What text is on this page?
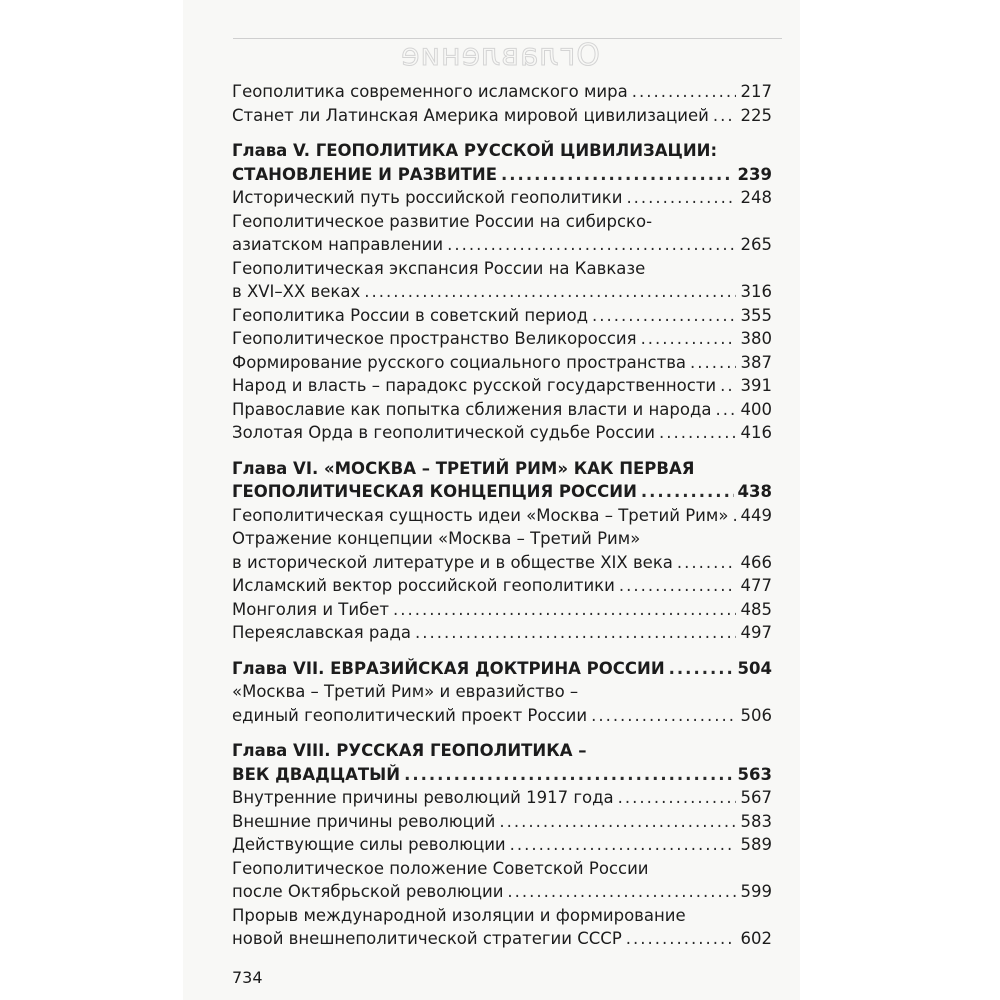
Оглавление
Геополитика современного исламского мира .....	217
Станет ли Латинская Америка мировой цивилизацией ..... 225
Глава V. ГЕОПОЛИТИКА РУССКОЙ ЦИВИЛИЗАЦИИ:
СТАНОВЛЕНИЕ И РАЗВИТИЕ .....	239
Исторический путь российской геополитики .....	248
Геополитическое развитие России на сибирско-
азиатском направлении .....	265
Геополитическая экспансия России на Кавказе
в XVI–XX веках .....	316
Геополитика России в советский период .....	355
Геополитическое пространство Великороссия .....	380
Формирование русского социального пространства .....	387
Народ и власть – парадокс русской государственности ..... 391
Православие как попытка сближения власти и народа ..... 400
Золотая Орда в геополитической судьбе России .....	416
Глава VI. «МОСКВА – ТРЕТИЙ РИМ» КАК ПЕРВАЯ
ГЕОПОЛИТИЧЕСКАЯ КОНЦЕПЦИЯ РОССИИ .....	438
Геополитическая сущность идеи «Москва – Третий Рим» ..... 449
Отражение концепции «Москва – Третий Рим»
в исторической литературе и в обществе XIX века .....	466
Исламский вектор российской геополитики .....	477
Монголия и Тибет .....	485
Переяславская рада .....	497
Глава VII. ЕВРАЗИЙСКАЯ ДОКТРИНА РОССИИ .....	504
«Москва – Третий Рим» и евразийство –
единый геополитический проект России .....	506
Глава VIII. РУССКАЯ ГЕОПОЛИТИКА –
ВЕК ДВАДЦАТЫЙ .....	563
Внутренние причины революций 1917 года .....	567
Внешние причины революций .....	583
Действующие силы революции .....	589
Геополитическое положение Советской России
после Октябрьской революции .....	599
Прорыв международной изоляции и формирование
новой внешнеполитической стратегии СССР .....	602
734
